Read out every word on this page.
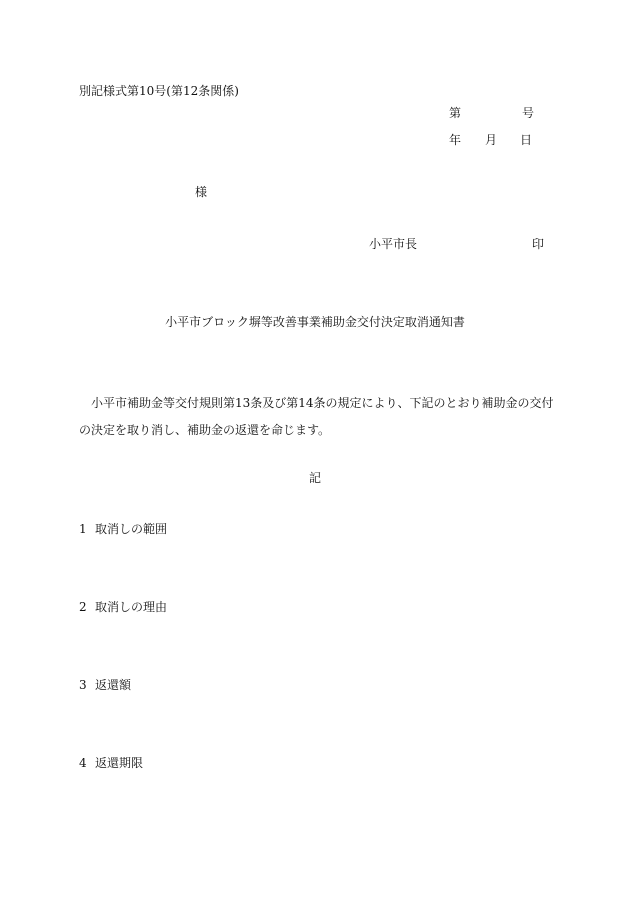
別記様式第10号(第12条関係)
第	号
年 月 日
様
小平市長	印
小平市ブロック塀等改善事業補助金交付決定取消通知書
小平市補助金等交付規則第13条及び第14条の規定により、下記のとおり補助金の交付の決定を取り消し、補助金の返還を命じます。
記
1 取消しの範囲
2 取消しの理由
3 返還額
4 返還期限
